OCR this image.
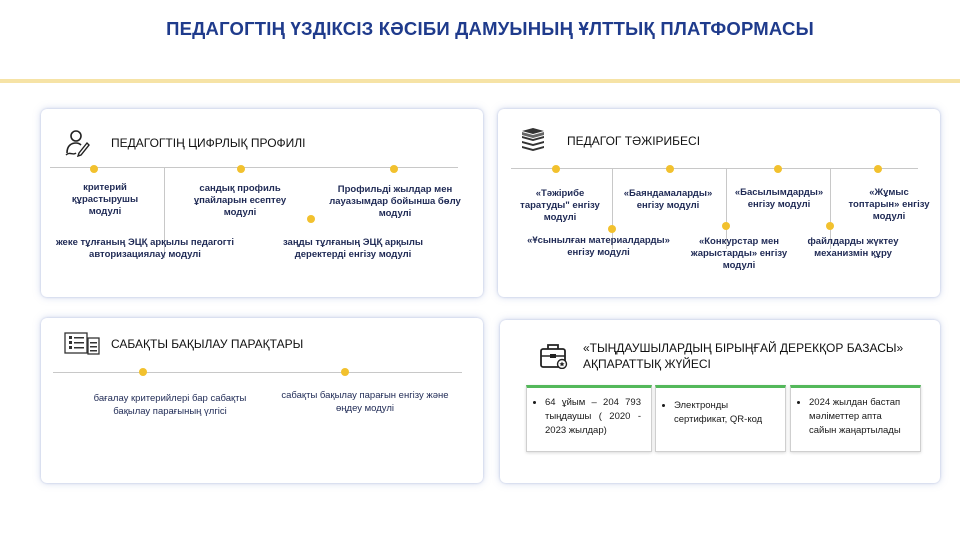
ПЕДАГОГТІҢ ҮЗДІКСІЗ КӘСІБИ ДАМУЫНЫҢ ҰЛТТЫҚ ПЛАТФОРМАСЫ
ПЕДАГОГТІҢ ЦИФРЛЫҚ ПРОФИЛІ
критерий құрастырушы модулі
жеке тұлғаның ЭЦҚ арқылы педагогті авторизациялау модулі
сандық профиль ұпайларын есептеу модулі
заңды тұлғаның ЭЦҚ арқылы деректерді енгізу модулі
Профильді жылдар мен лауазымдар бойынша бөлу модулі
ПЕДАГОГ ТӘЖІРИБЕСІ
«Тәжірибе таратуды" енгізу модулі
«Ұсынылған материалдарды» енгізу модулі
«Баяндамаларды» енгізу модулі
«Конкурстар мен жарыстарды» енгізу модулі
«Басылымдарды» енгізу модулі
файлдарды жүктеу механизмін құру
«Жұмыс топтарын» енгізу модулі
САБАҚТЫ БАҚЫЛАУ ПАРАҚТАРЫ
бағалау критерийлері бар сабақты бақылау парағының үлгісі
сабақты бақылау парағын енгізу және өңдеу модулі
«ТЫҢДАУШЫЛАРДЫҢ БІРЫҢҒАЙ ДЕРЕКҚОР БАЗАСЫ»
АҚПАРАТТЫҚ ЖҮЙЕСІ
• 64 ұйым – 204 793 тыңдаушы ( 2020 - 2023 жылдар)
• Электронды сертификат, QR-код
• 2024 жылдан бастап мәліметтер апта сайын жаңартылады
